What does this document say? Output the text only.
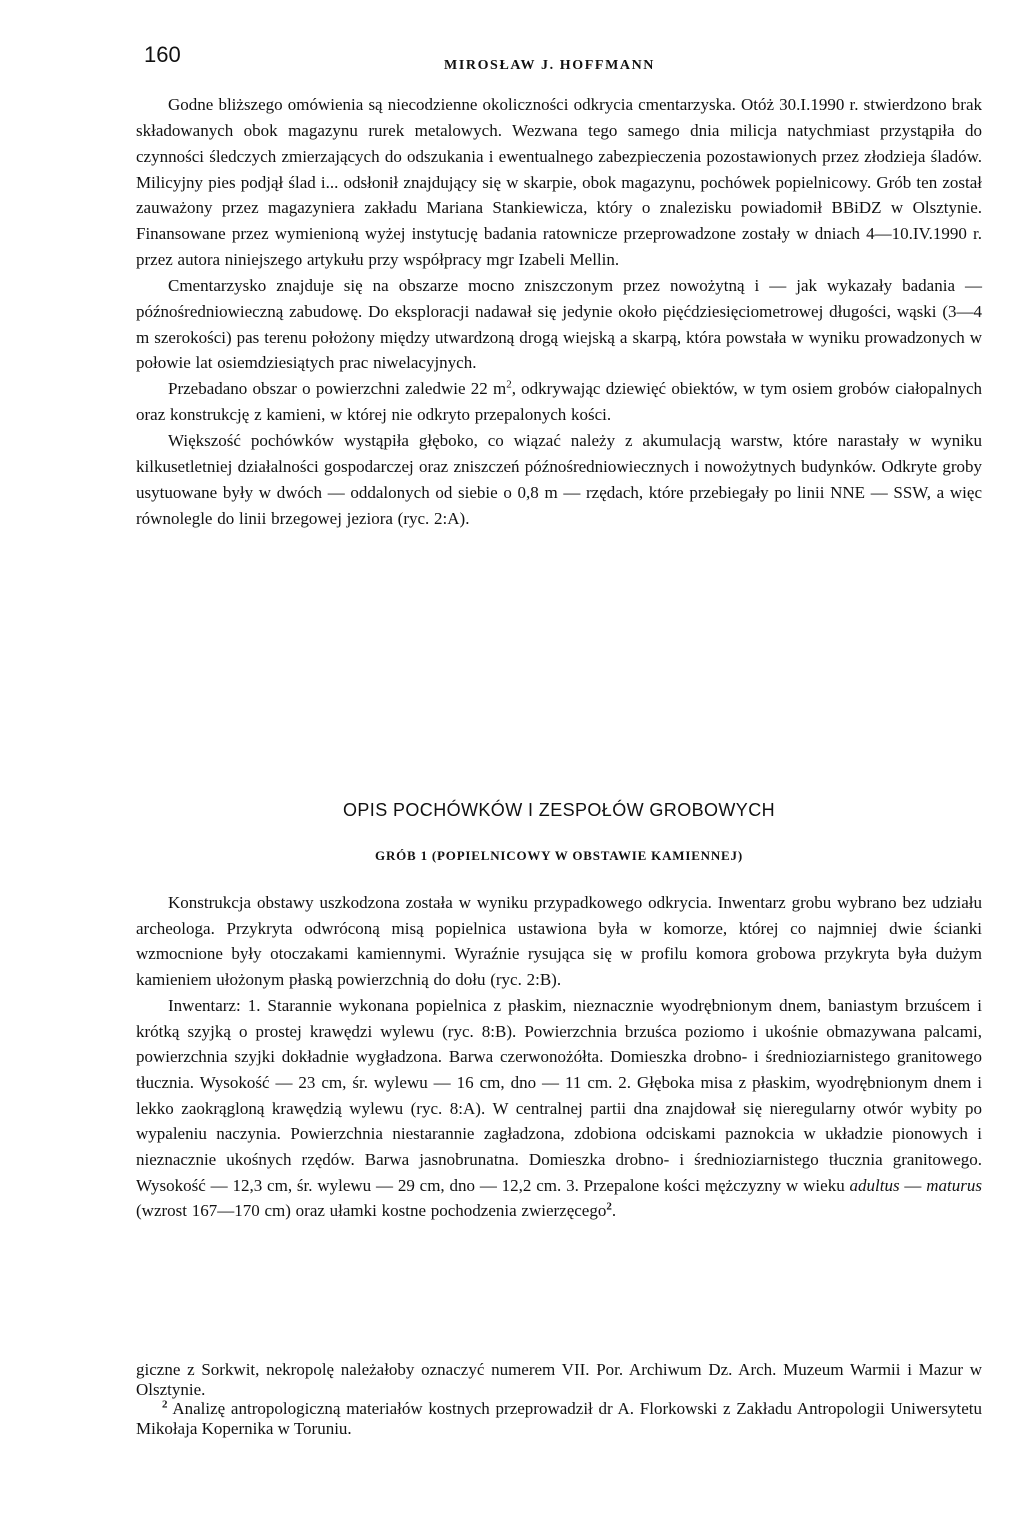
160	MIROSŁAW J. HOFFMANN

Godne bliższego omówienia są niecodzienne okoliczności odkrycia cmentarzyska. Otóż 30.I.1990 r. stwierdzono brak składowanych obok magazynu rurek metalowych. Wezwana tego samego dnia milicja natychmiast przystąpiła do czynności śledczych zmierzających do odszukania i ewentualnego zabezpieczenia pozostawionych przez złodzieja śladów. Milicyjny pies podjął ślad i... odsłonił znajdujący się w skarpie, obok magazynu, pochówek popielnicowy. Grób ten został zauważony przez magazyniera zakładu Mariana Stankiewicza, który o znalezisku powiadomił BBiDZ w Olsztynie. Finansowane przez wymienioną wyżej instytucję badania ratownicze przeprowadzone zostały w dniach 4—10.IV.1990 r. przez autora niniejszego artykułu przy współpracy mgr Izabeli Mellin.

Cmentarzysko znajduje się na obszarze mocno zniszczonym przez nowożytną i — jak wykazały badania — późnośredniowieczną zabudowę. Do eksploracji nadawał się jedynie około pięćdziesięciometrowej długości, wąski (3—4 m szerokości) pas terenu położony między utwardzoną drogą wiejską a skarpą, która powstała w wyniku prowadzonych w połowie lat osiemdziesiątych prac niwelacyjnych.

Przebadano obszar o powierzchni zaledwie 22 $m^2$, odkrywając dziewięć obiektów, w tym osiem grobów ciałopalnych oraz konstrukcję z kamieni, w której nie odkryto przepalonych kości.

Większość pochówków wystąpiła głęboko, co wiązać należy z akumulacją warstw, które narastały w wyniku kilkusetletniej działalności gospodarczej oraz zniszczeń późnośredniowiecznych i nowożytnych budynków. Odkryte groby usytuowane były w dwóch — oddalonych od siebie o 0,8 m — rzędach, które przebiegały po linii NNE — SSW, a więc równolegle do linii brzegowej jeziora (ryc. 2:A).

OPIS POCHÓWKÓW I ZESPOŁÓW GROBOWYCH
GRÓB 1 (POPIELNICOWY W OBSTAWIE KAMIENNEJ)

Konstrukcja obstawy uszkodzona została w wyniku przypadkowego odkrycia. Inwentarz grobu wybrano bez udziału archeologa. Przykryta odwróconą misą popielnica ustawiona była w komorze, której co najmniej dwie ścianki wzmocnione były otoczakami kamiennymi. Wyraźnie rysująca się w profilu komora grobowa przykryta była dużym kamieniem ułożonym płaską powierzchnią do dołu (ryc. 2:B).

Inwentarz: 1. Starannie wykonana popielnica z płaskim, nieznacznie wyodrębnionym dnem, baniastym brzuścem i krótką szyjką o prostej krawędzi wylewu (ryc. 8:B). Powierzchnia brzuśca poziomo i ukośnie obmazywana palcami, powierzchnia szyjki dokładnie wygładzona. Barwa czerwonożółta. Domieszka drobno- i średnioziarnistego granitowego tłucznia. Wysokość — 23 cm, śr. wylewu — 16 cm, dno — 11 cm. 2. Głęboka misa z płaskim, wyodrębnionym dnem i lekko zaokrągloną krawędzią wylewu (ryc. 8:A). W centralnej partii dna znajdował się nieregularny otwór wybity po wypaleniu naczynia. Powierzchnia niestarannie zagładzona, zdobiona odciskami paznokcia w układzie pionowych i nieznacznie ukośnych rzędów. Barwa jasnobrunatna. Domieszka drobno- i średnioziarnistego tłucznia granitowego. Wysokość — 12,3 cm, śr. wylewu — 29 cm, dno — 12,2 cm. 3. Przepalone kości mężczyzny w wieku adultus — maturus (wzrost 167—170 cm) oraz ułamki kostne pochodzenia zwierzęcego$^2$.

giczne z Sorkwit, nekropolę należałoby oznaczyć numerem VII. Por. Archiwum Dz. Arch. Muzeum Warmii i Mazur w Olsztynie.

$^2$ Analizę antropologiczną materiałów kostnych przeprowadził dr A. Florkowski z Zakładu Antropologii Uniwersytetu Mikołaja Kopernika w Toruniu.
